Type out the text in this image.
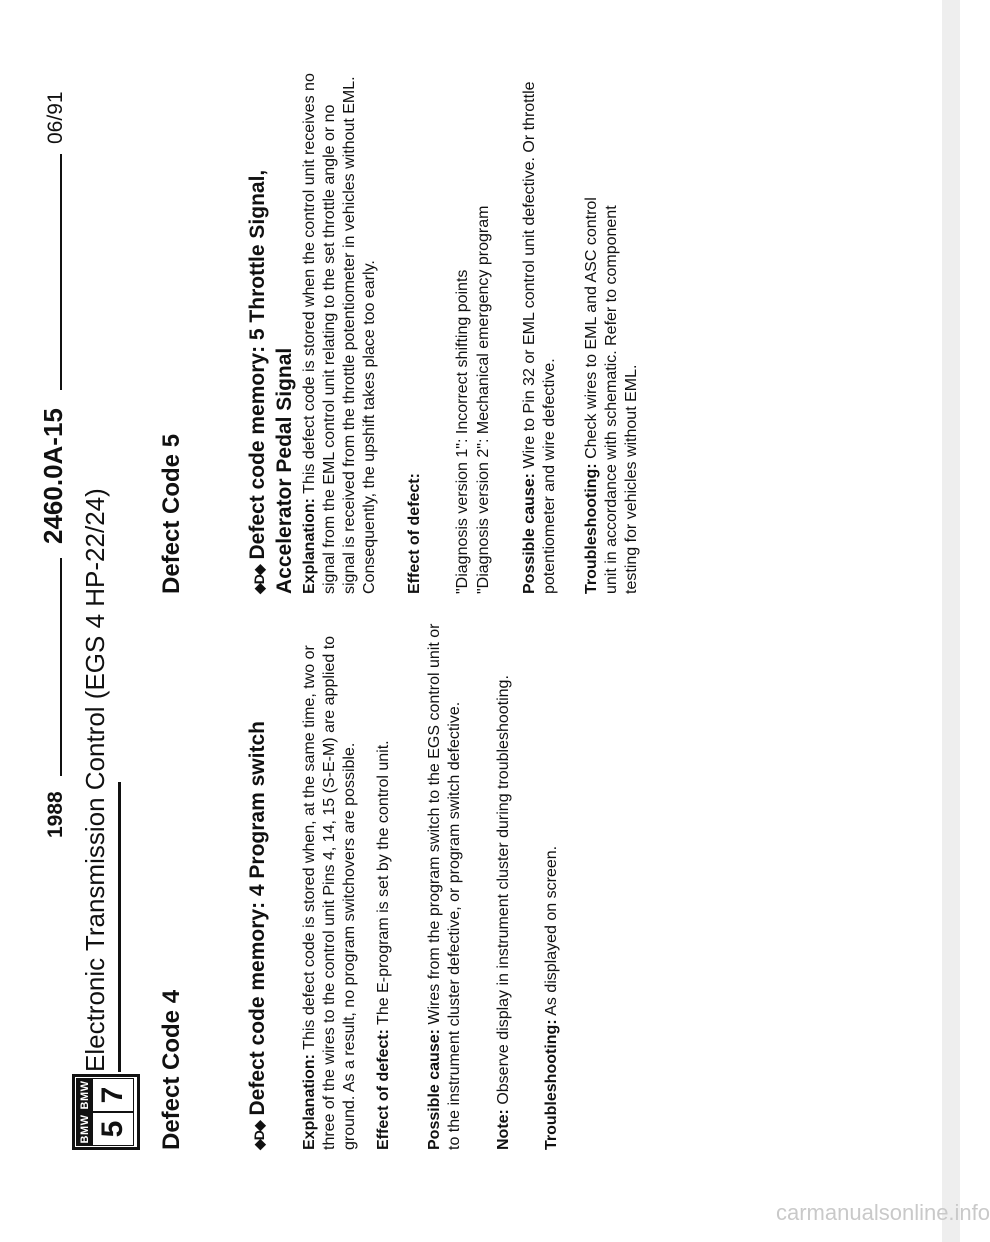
BMW 5
BMW 7
Electronic Transmission Control (EGS 4 HP-22/24)
06/91
2460.0A-15
1988
Defect Code 4	◆D◆ Defect code memory: 4 Program switch Explanation: This defect code is stored when, at the same time, two or three of the wires to the control unit Pins 4, 14, 15 (S-E-M) are applied to ground. As a result, no program switchovers are possible. Effect of defect: The E-program is set by the control unit.
Possible cause: Wires from the program switch to the EGS control unit or to the instrument cluster defective, or program switch defective. Note: Observe display in instrument cluster during troubleshooting. Troubleshooting: As displayed on screen.
Defect Code 5	◆D◆ Defect code memory: 5 Throttle Signal, Accelerator Pedal Signal Explanation: This defect code is stored when the control unit receives no signal from the EML control unit relating to the set throttle angle or no signal is received from the throttle potentiometer in vehicles without EML. Consequently, the upshift takes place too early. Effect of defect: "Diagnosis version 1": Incorrect shifting points "Diagnosis version 2": Mechanical emergency program Possible cause: Wire to Pin 32 or EML control unit defective. Or throttle potentiometer and wire defective. Troubleshooting: Check wires to EML and ASC control unit in accordance with schematic. Refer to component testing for vehicles without EML.
carmanualsonline.info
